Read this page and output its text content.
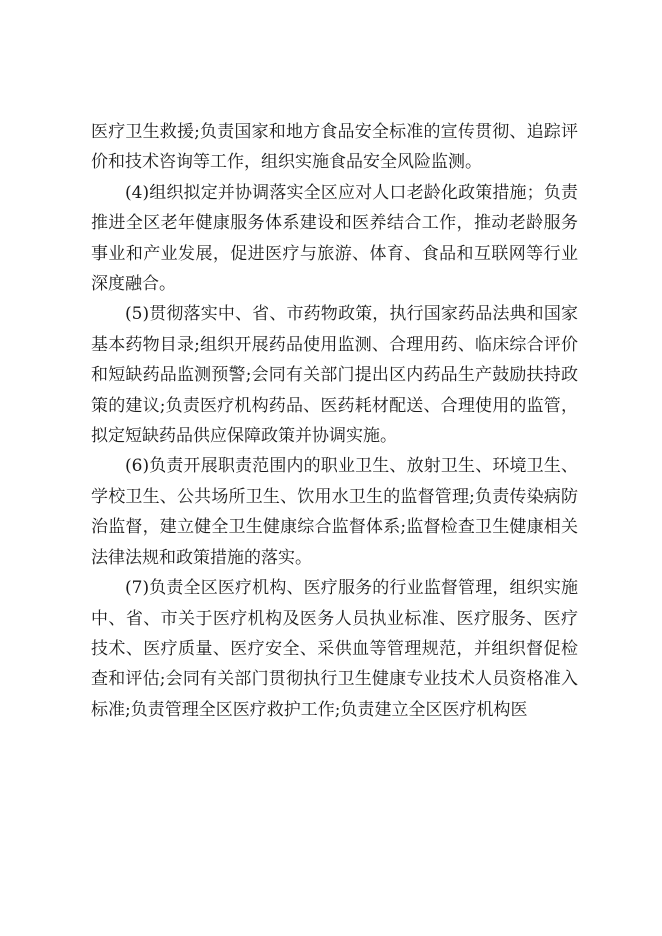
医疗卫生救援;负责国家和地方食品安全标准的宣传贯彻、追踪评价和技术咨询等工作，组织实施食品安全风险监测。

(4)组织拟定并协调落实全区应对人口老龄化政策措施；负责推进全区老年健康服务体系建设和医养结合工作，推动老龄服务事业和产业发展，促进医疗与旅游、体育、食品和互联网等行业深度融合。

(5)贯彻落实中、省、市药物政策，执行国家药品法典和国家基本药物目录;组织开展药品使用监测、合理用药、临床综合评价和短缺药品监测预警;会同有关部门提出区内药品生产鼓励扶持政策的建议;负责医疗机构药品、医药耗材配送、合理使用的监管，拟定短缺药品供应保障政策并协调实施。

(6)负责开展职责范围内的职业卫生、放射卫生、环境卫生、学校卫生、公共场所卫生、饮用水卫生的监督管理;负责传染病防治监督，建立健全卫生健康综合监督体系;监督检查卫生健康相关法律法规和政策措施的落实。

(7)负责全区医疗机构、医疗服务的行业监督管理，组织实施中、省、市关于医疗机构及医务人员执业标准、医疗服务、医疗技术、医疗质量、医疗安全、采供血等管理规范，并组织督促检查和评估;会同有关部门贯彻执行卫生健康专业技术人员资格准入标准;负责管理全区医疗救护工作;负责建立全区医疗机构医
